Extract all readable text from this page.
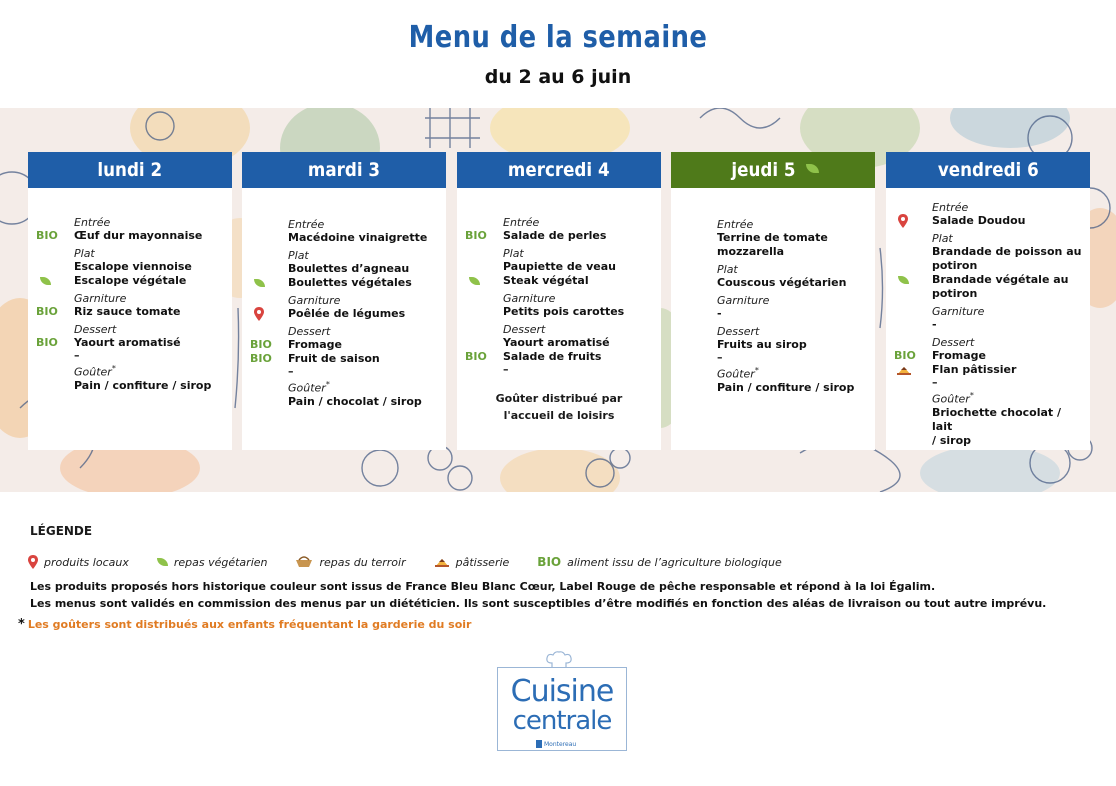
Menu de la semaine
du 2 au 6 juin
lundi 2
Entrée
BIO	Œuf dur mayonnaise
Plat
Escalope viennoise
Escalope végétale
Garniture
BIO	Riz sauce tomate
Dessert
BIO	Yaourt aromatisé
–
Goûter*
Pain / confiture / sirop
mardi 3
Entrée
Macédoine vinaigrette
Plat
Boulettes d’agneau
Boulettes végétales
Garniture
Poêlée de légumes
Dessert
BIO	Fromage
BIO	Fruit de saison
–
Goûter*
Pain / chocolat / sirop
mercredi 4
Entrée
BIO	Salade de perles
Plat
Paupiette de veau
Steak végétal
Garniture
Petits pois carottes
Dessert
Yaourt aromatisé
BIO	Salade de fruits
–
Goûter distribué par
l'accueil de loisirs
jeudi 5
Entrée
Terrine de tomate
mozzarella
Plat
Couscous végétarien
Garniture
-
Dessert
Fruits au sirop
–
Goûter*
Pain / confiture / sirop
vendredi 6
Entrée
Salade Doudou
Plat
Brandade de poisson au
potiron
Brandade végétale au
potiron
Garniture
-
Dessert
BIO	Fromage
Flan pâtissier
–
Goûter*
Briochette chocolat / lait
/ sirop
LÉGENDE
produits locaux	repas végétarien	repas du terroir	pâtisserie BIO aliment issu de l’agriculture biologique
Les produits proposés hors historique couleur sont issus de France Bleu Blanc Cœur, Label Rouge de pêche responsable et répond à la loi Égalim.
Les menus sont validés en commission des menus par un diététicien. Ils sont susceptibles d’être modifiés en fonction des aléas de livraison ou tout autre imprévu.
* Les goûters sont distribués aux enfants fréquentant la garderie du soir
Cuisine
centrale
Montereau
